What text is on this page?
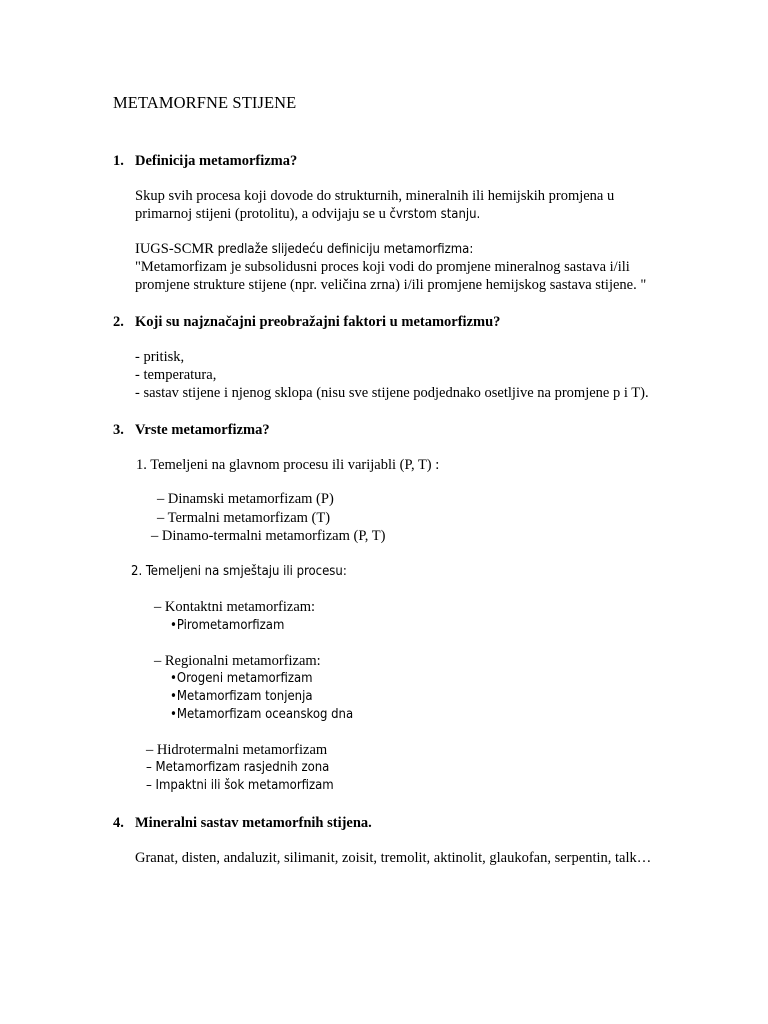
METAMORFNE STIJENE
1. Definicija metamorfizma?
Skup svih procesa koji dovode do strukturnih, mineralnih ili hemijskih promjena u
primarnoj stijeni (protolitu), a odvijaju se u čvrstom stanju.
IUGS-SCMR predlaže slijedeću definiciju metamorfizma:
"Metamorfizam je subsolidusni proces koji vodi do promjene mineralnog sastava i/ili
promjene strukture stijene (npr. veličina zrna) i/ili promjene hemijskog sastava stijene. "
2. Koji su najznačajni preobražajni faktori u metamorfizmu?
- pritisk,
- temperatura,
- sastav stijene i njenog sklopa (nisu sve stijene podjednako osetljive na promjene p i T).
3. Vrste metamorfizma?
1. Temeljeni na glavnom procesu ili varijabli (P, T) :
– Dinamski metamorfizam (P)
– Termalni metamorfizam (T)
– Dinamo-termalni metamorfizam (P, T)
2. Temeljeni na smještaju ili procesu:
– Kontaktni metamorfizam:
•Pirometamorfizam
– Regionalni metamorfizam:
•Orogeni metamorfizam
•Metamorfizam tonjenja
•Metamorfizam oceanskog dna
– Hidrotermalni metamorfizam
– Metamorfizam rasjednih zona
– Impaktni ili šok metamorfizam
4. Mineralni sastav metamorfnih stijena.
Granat, disten, andaluzit, silimanit, zoisit, tremolit, aktinolit, glaukofan, serpentin, talk…
